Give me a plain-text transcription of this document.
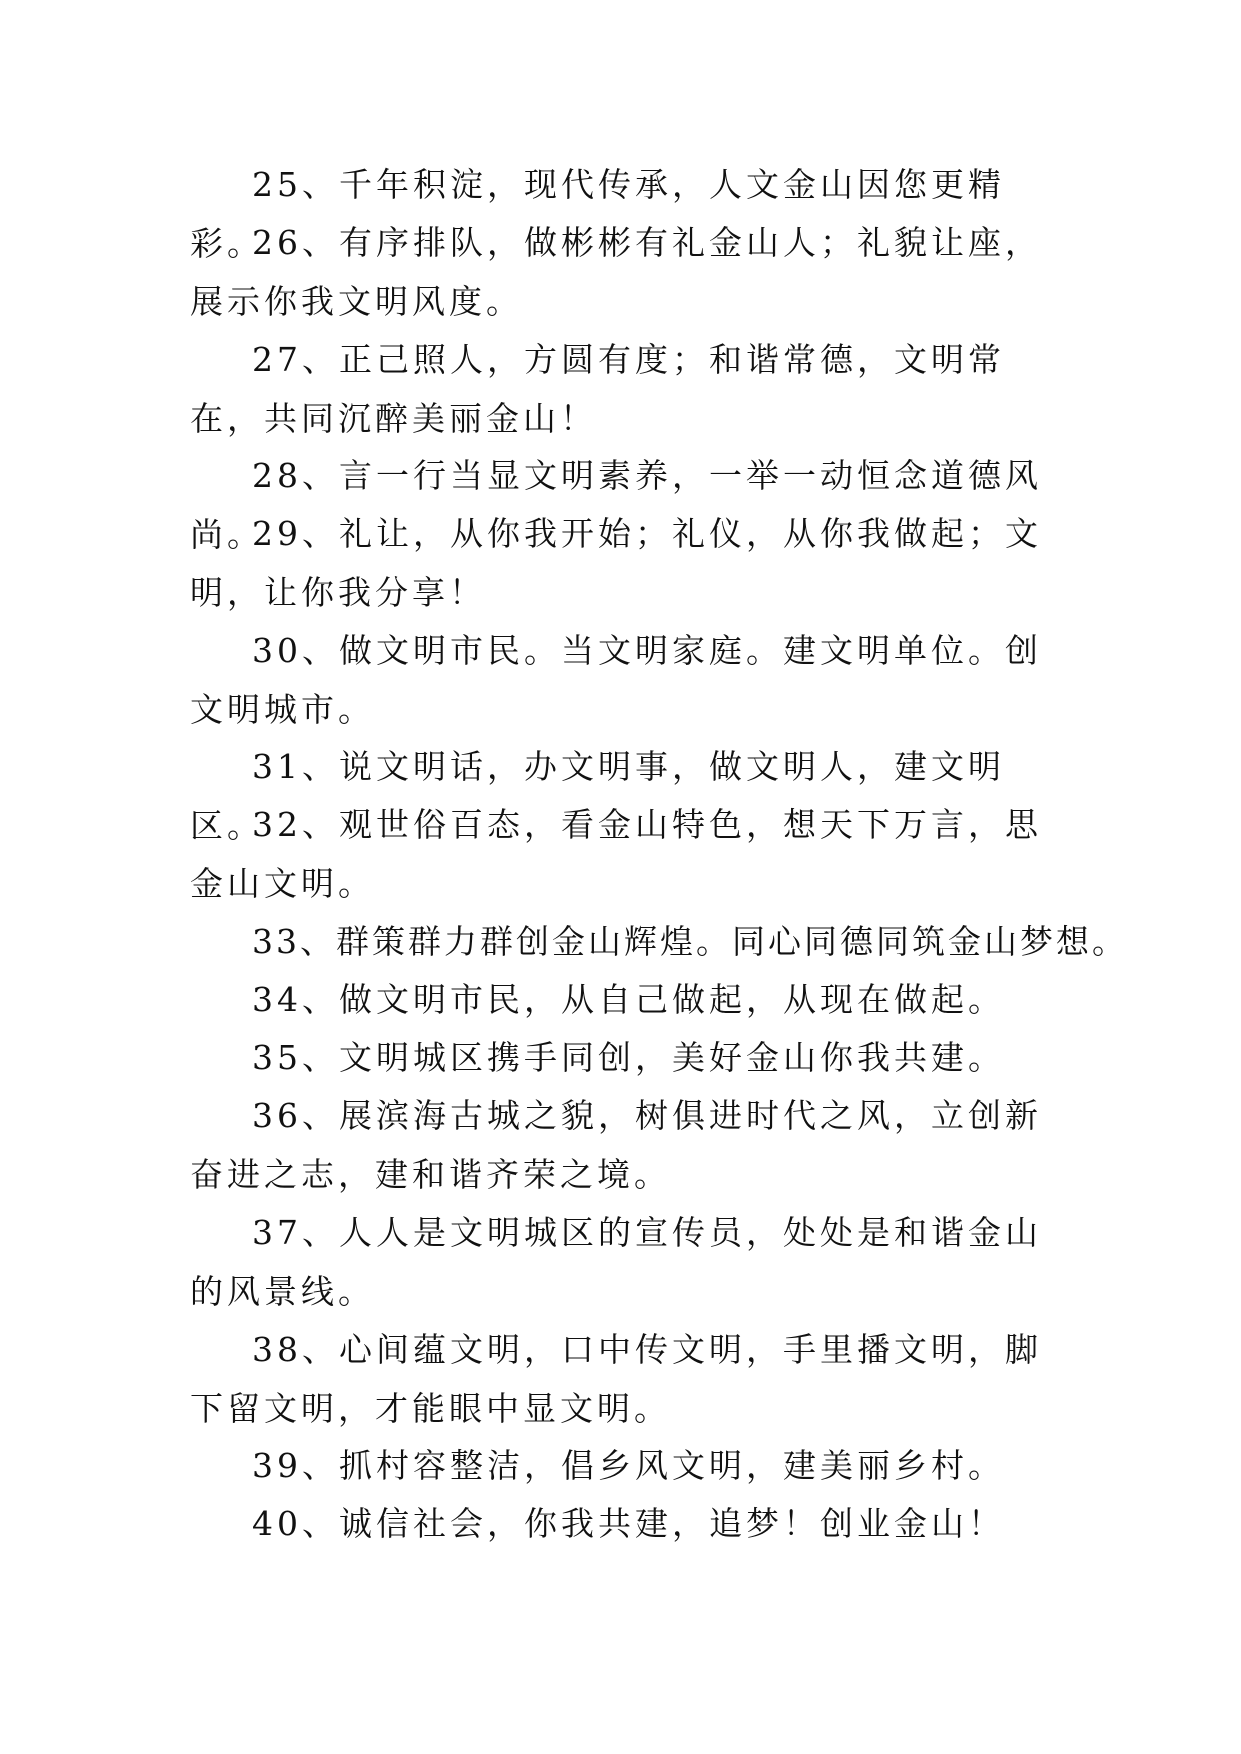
25、千年积淀，现代传承，人文金山因您更精彩。

26、有序排队，做彬彬有礼金山人；礼貌让座，展示你我文明风度。

27、正己照人，方圆有度；和谐常德，文明常在，共同沉醉美丽金山！

28、言一行当显文明素养，一举一动恒念道德风尚。

29、礼让，从你我开始；礼仪，从你我做起；文明，让你我分享！

30、做文明市民。当文明家庭。建文明单位。创文明城市。

31、说文明话，办文明事，做文明人，建文明区。

32、观世俗百态，看金山特色，想天下万言，思金山文明。

33、群策群力群创金山辉煌。同心同德同筑金山梦想。

34、做文明市民，从自己做起，从现在做起。

35、文明城区携手同创，美好金山你我共建。

36、展滨海古城之貌，树俱进时代之风，立创新奋进之志，建和谐齐荣之境。

37、人人是文明城区的宣传员，处处是和谐金山的风景线。

38、心间蕴文明，口中传文明，手里播文明，脚下留文明，才能眼中显文明。

39、抓村容整洁，倡乡风文明，建美丽乡村。

40、诚信社会，你我共建，追梦！创业金山！
